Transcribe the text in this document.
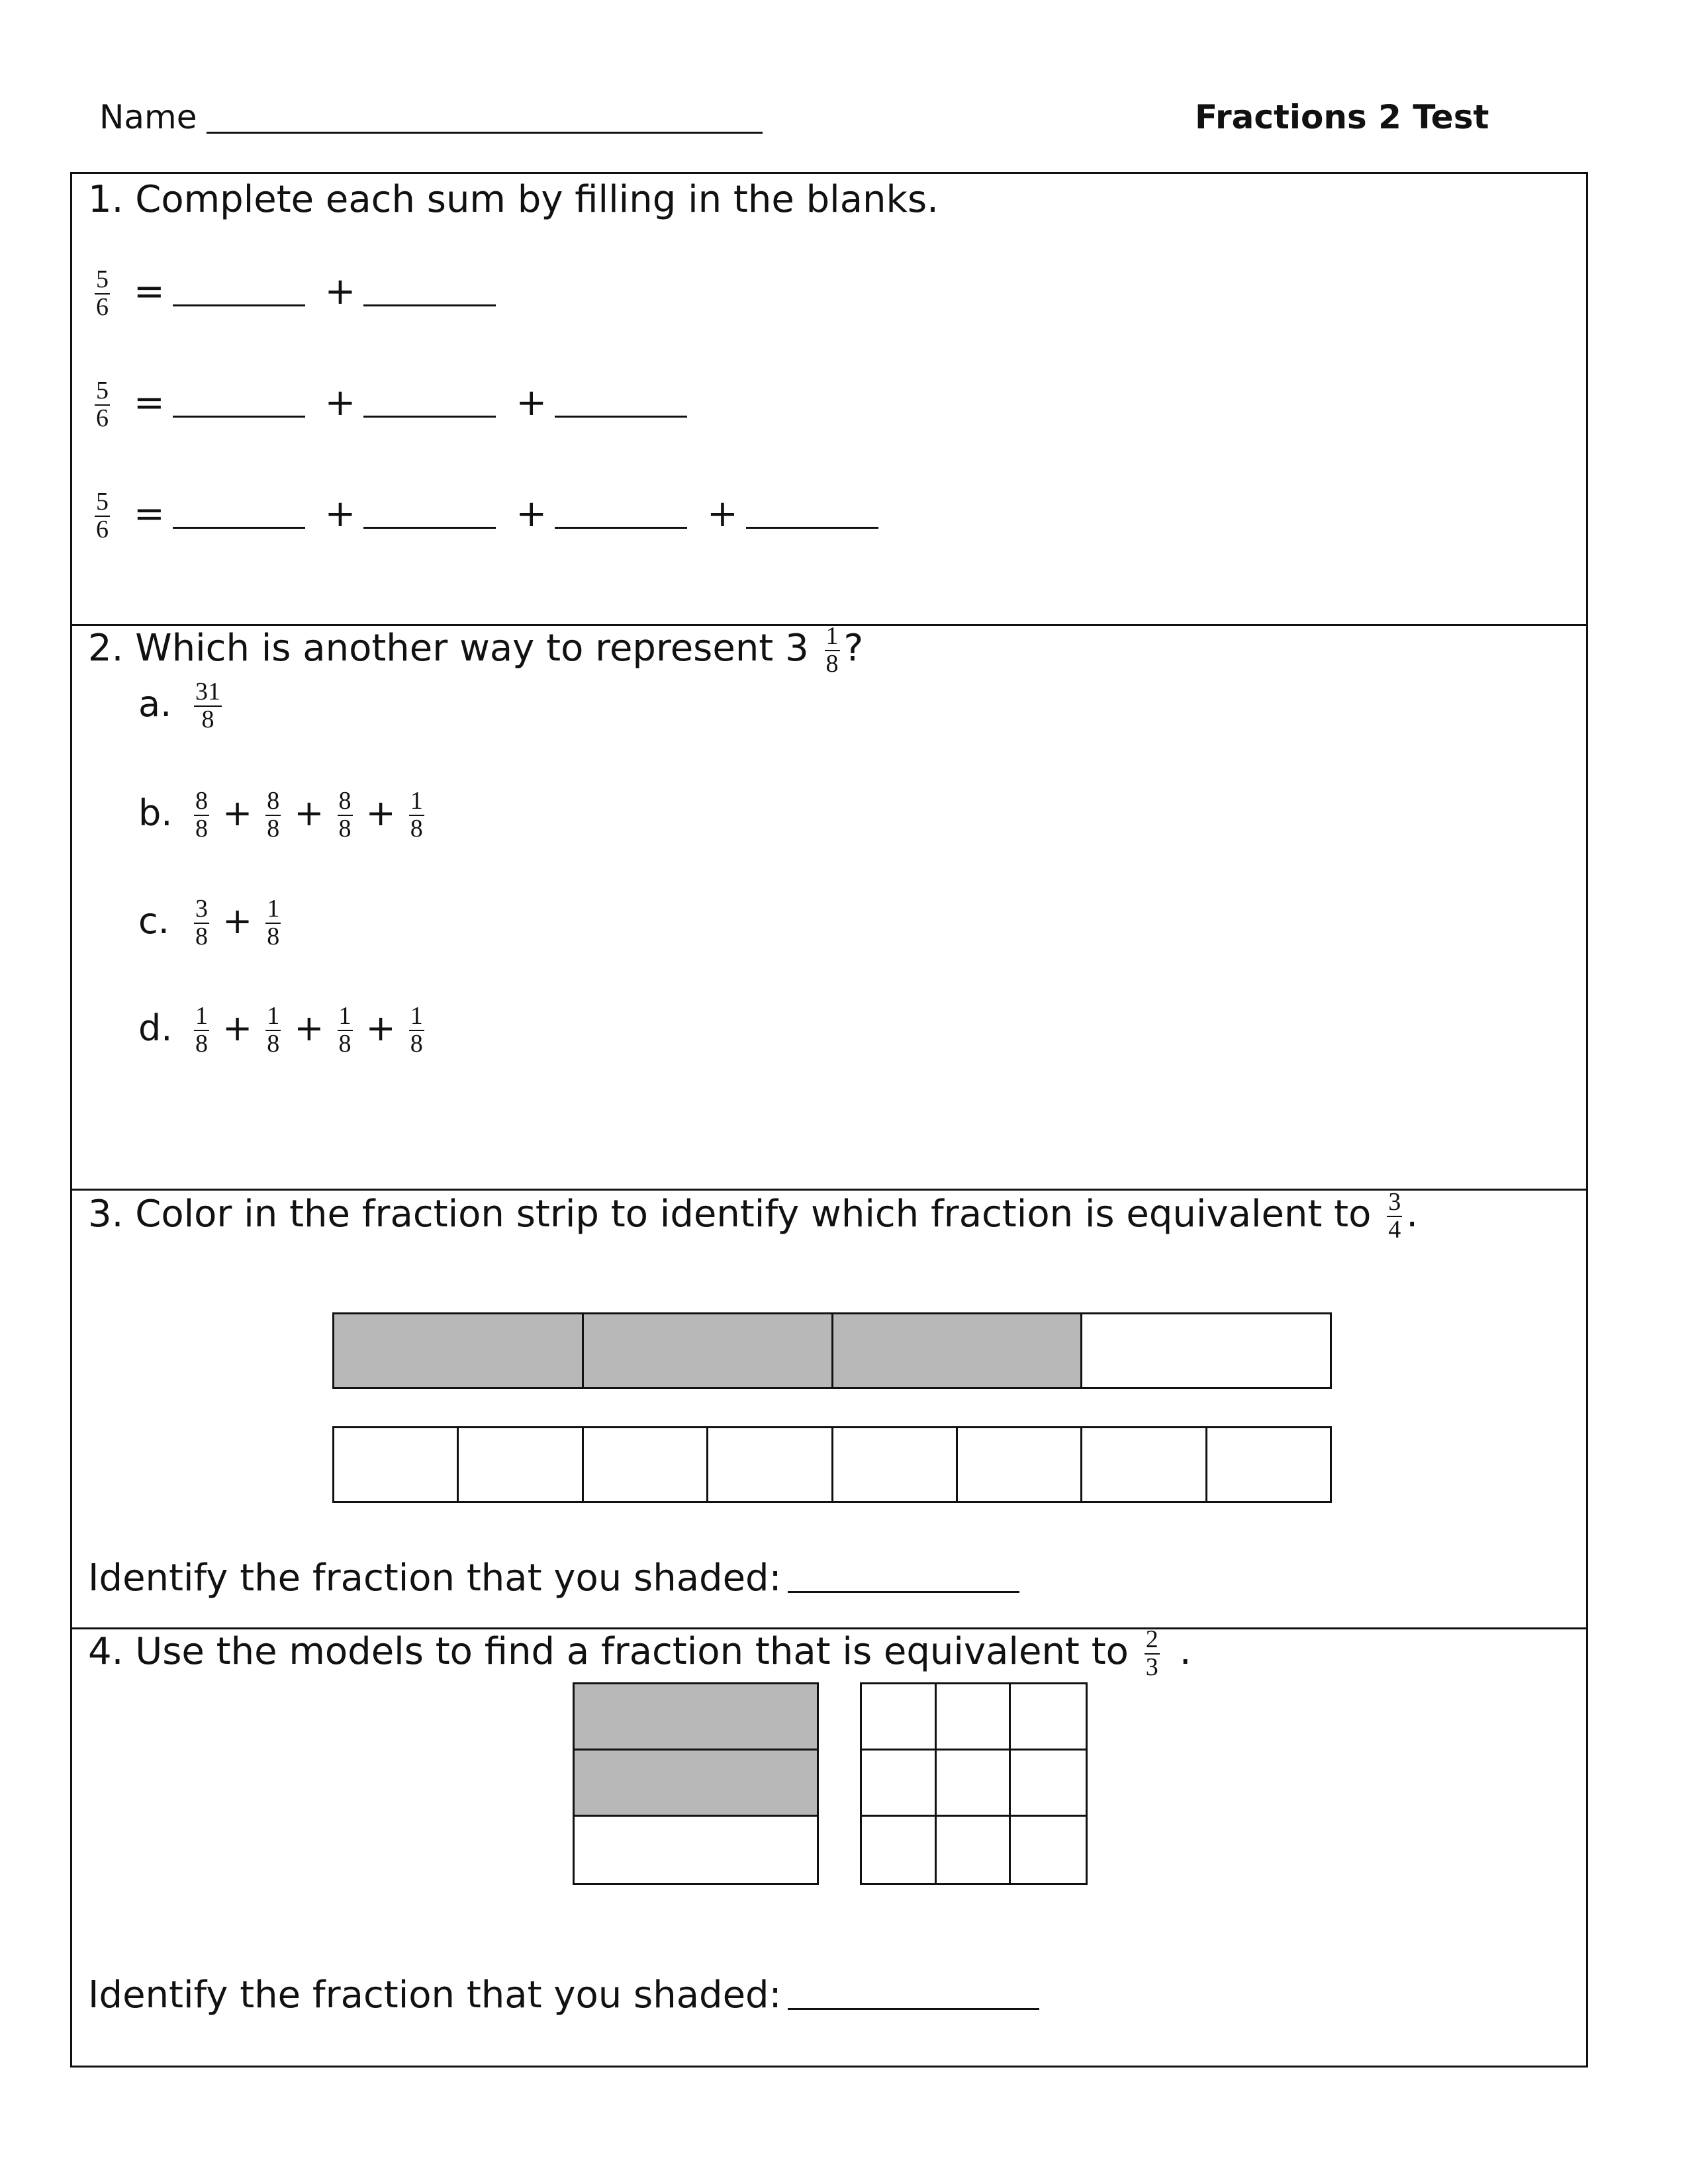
Name	Fractions 2 Test
1. Complete each sum by filling in the blanks.
$\frac{5}{6}$ =	+
$\frac{5}{6}$ =	+	+
$\frac{5}{6}$ =	+	+	+
2. Which is another way to represent $3 \frac{1}{8}$ ?
a. $\frac{31}{8}$
b. $\frac{8}{8} + \frac{8}{8} + \frac{8}{8} + \frac{1}{8}$
c. $\frac{3}{8} + \frac{1}{8}$
d. $\frac{1}{8} + \frac{1}{8} + \frac{1}{8} + \frac{1}{8}$
3. Color in the fraction strip to identify which fraction is equivalent to $\frac{3}{4}$ .
Identify the fraction that you shaded:
4. Use the models to find a fraction that is equivalent to $\frac{2}{3}$ .
Identify the fraction that you shaded:
